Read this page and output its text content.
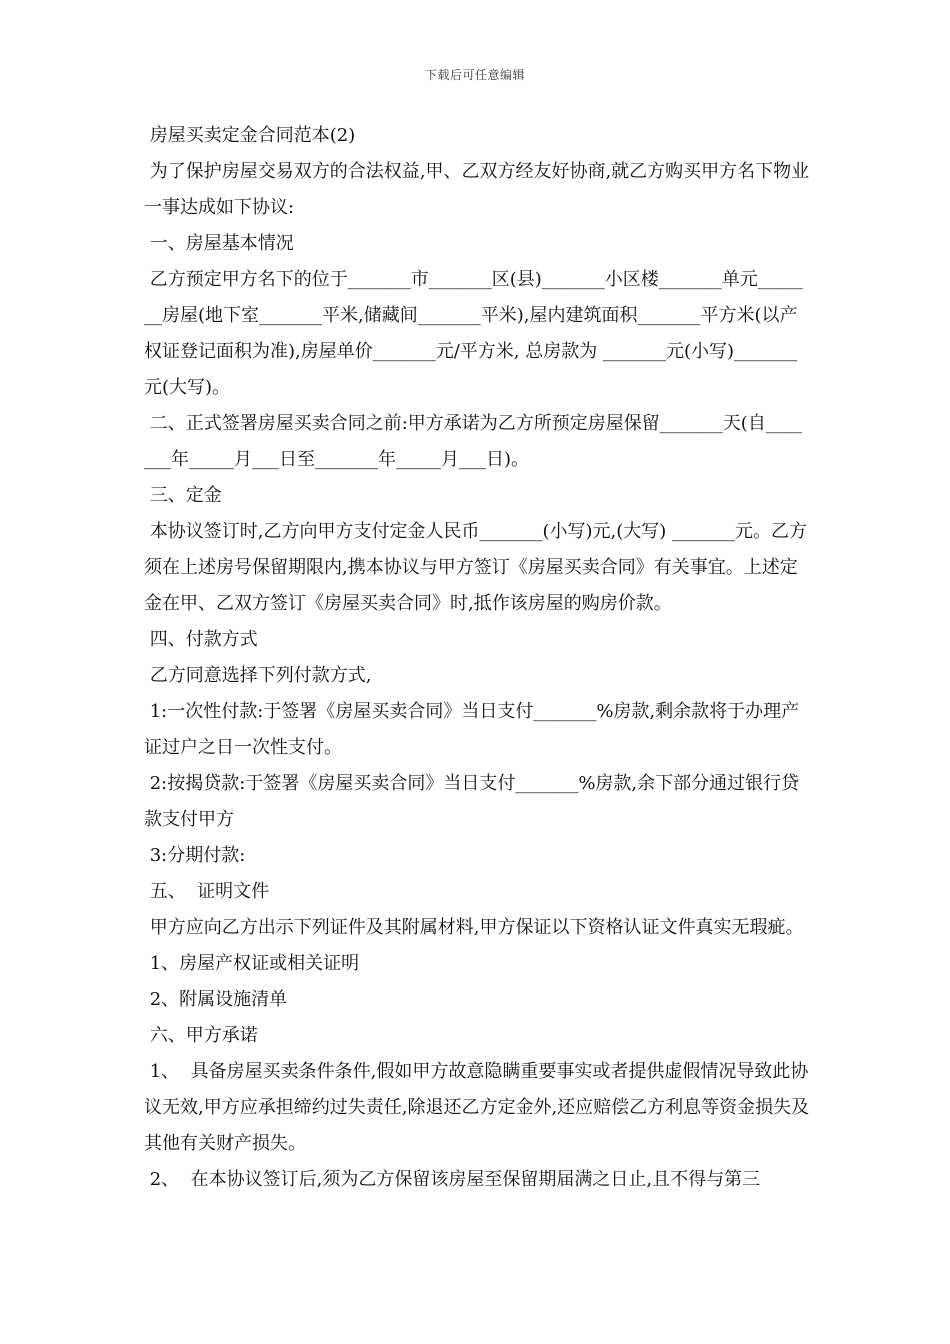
下载后可任意编辑

房屋买卖定金合同范本(2)

为了保护房屋交易双方的合法权益,甲、乙双方经友好协商,就乙方购买甲方名下物业一事达成如下协议:

一、房屋基本情况

乙方预定甲方名下的位于_______市_______区(县)_______小区楼_______单元_______房屋(地下室_______平米,储藏间_______平米),屋内建筑面积_______平方米(以产权证登记面积为准),房屋单价_______元/平方米, 总房款为 _______元(小写)_______元(大写)。

二、正式签署房屋买卖合同之前:甲方承诺为乙方所预定房屋保留_______天(自_______年_____月___日至_______年_____月___日)。

三、定金

本协议签订时,乙方向甲方支付定金人民币_______(小写)元,(大写) _______元。乙方须在上述房号保留期限内,携本协议与甲方签订《房屋买卖合同》有关事宜。上述定金在甲、乙双方签订《房屋买卖合同》时,抵作该房屋的购房价款。

四、付款方式

乙方同意选择下列付款方式,

1:一次性付款:于签署《房屋买卖合同》当日支付_______%房款,剩余款将于办理产证过户之日一次性支付。

2:按揭贷款:于签署《房屋买卖合同》当日支付_______%房款,余下部分通过银行贷款支付甲方

3:分期付款:

五、  证明文件

甲方应向乙方出示下列证件及其附属材料,甲方保证以下资格认证文件真实无瑕疵。

1、房屋产权证或相关证明

2、附属设施清单

六、甲方承诺

1、  具备房屋买卖条件条件,假如甲方故意隐瞒重要事实或者提供虚假情况导致此协议无效,甲方应承担缔约过失责任,除退还乙方定金外,还应赔偿乙方利息等资金损失及其他有关财产损失。

2、  在本协议签订后,须为乙方保留该房屋至保留期届满之日止,且不得与第三
